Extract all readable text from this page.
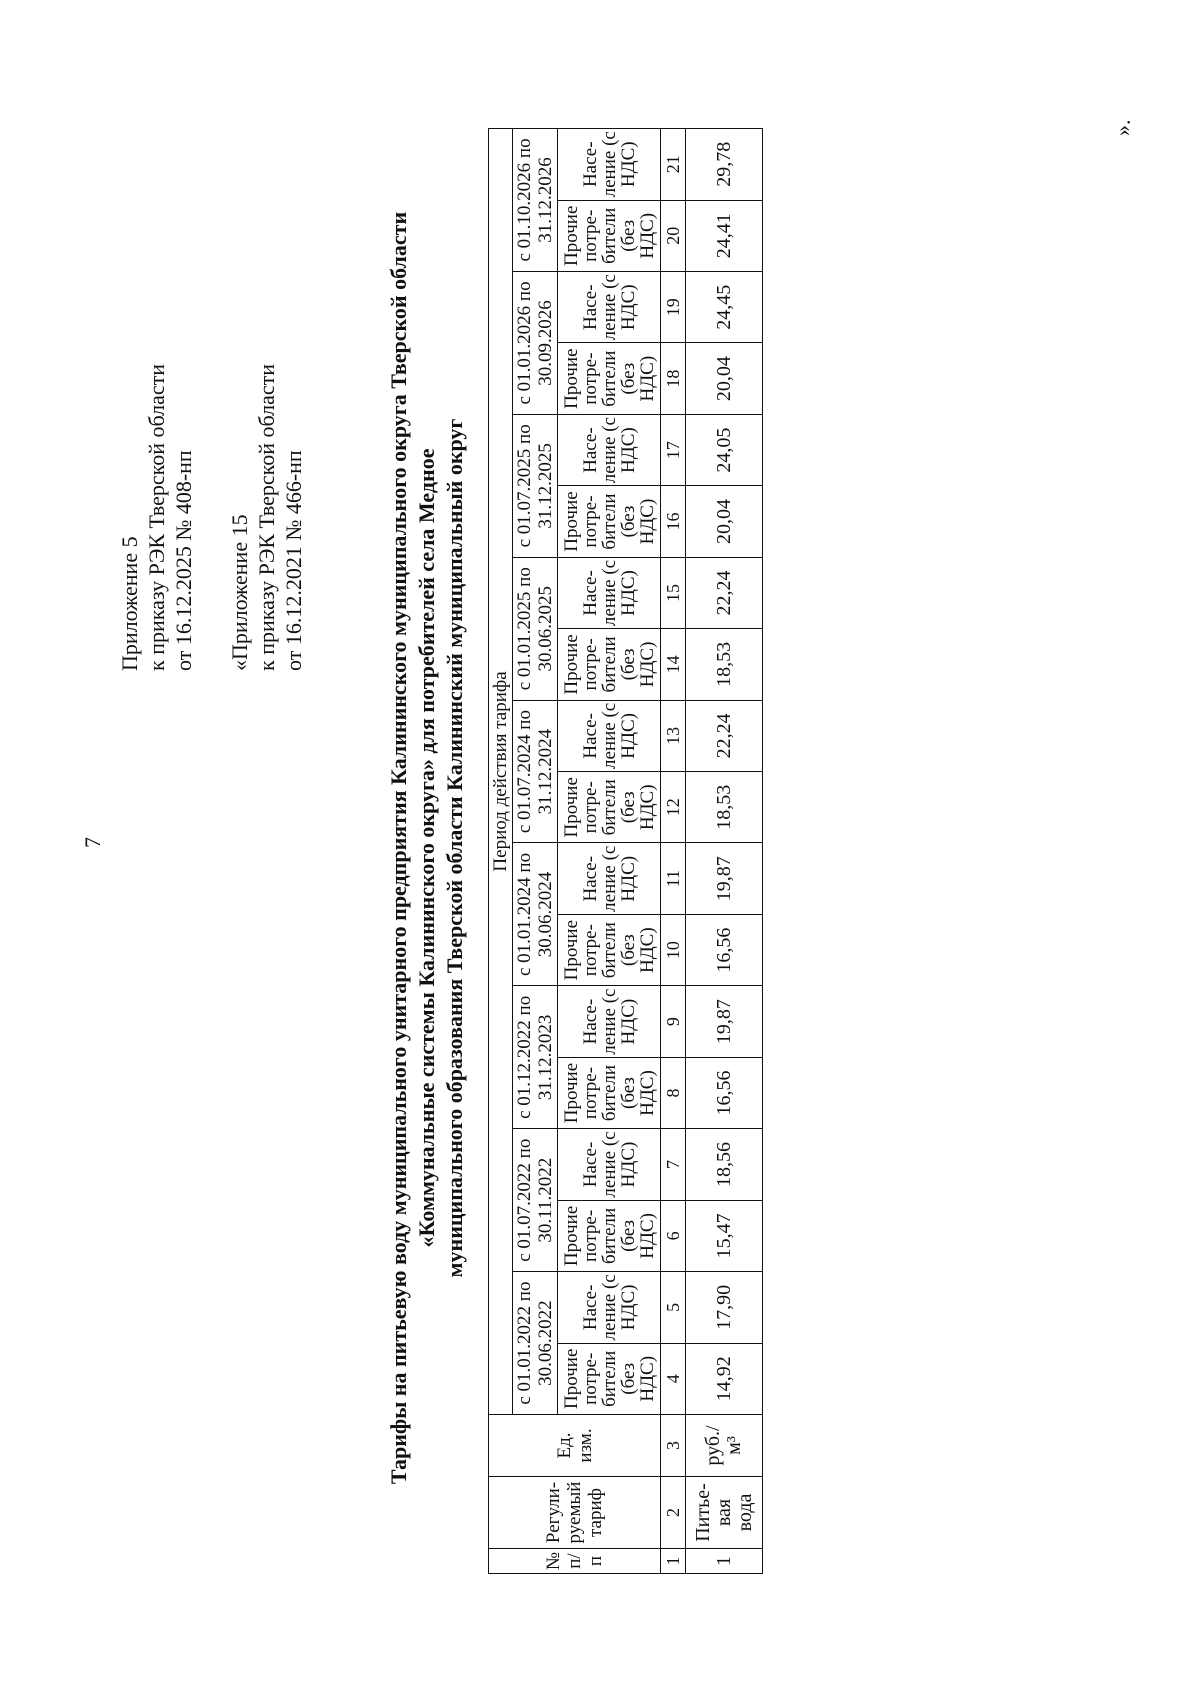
7
Приложение 5 к приказу РЭК Тверской области от 16.12.2025 № 408-нп «Приложение 15 к приказу РЭК Тверской области от 16.12.2021 № 466-нп	Тарифы на питьевую воду муниципального унитарного предприятия Калининского муниципального округа Тверской области «Коммунальные системы Калининского округа» для потребителей села Медное муниципального образования Тверской области Калининский муниципальный округ
№ п/п	Регули-руемый тариф	Ед. изм.	Период действия тарифа																	
			с 01.01.2022 по 30.06.2022		с 01.07.2022 по 30.11.2022		с 01.12.2022 по 31.12.2023		с 01.01.2024 по 30.06.2024		с 01.07.2024 по 31.12.2024		с 01.01.2025 по 30.06.2025		с 01.07.2025 по 31.12.2025		с 01.01.2026 по 30.09.2026		с 01.10.2026 по 31.12.2026	
			Прочие потре-бители (без НДС)	Насе-ление (с НДС)	Прочие потре-бители (без НДС)	Насе-ление (с НДС)	Прочие потре-бители (без НДС)	Насе-ление (с НДС)	Прочие потре-бители (без НДС)	Насе-ление (с НДС)	Прочие потре-бители (без НДС)	Насе-ление (с НДС)	Прочие потре-бители (без НДС)	Насе-ление (с НДС)	Прочие потре-бители (без НДС)	Насе-ление (с НДС)	Прочие потре-бители (без НДС)	Насе-ление (с НДС)	Прочие потре-бители (без НДС)	Насе-ление (с НДС)
1	2	3	4	5	6	7	8	9	10	11	12	13	14	15	16	17	18	19	20	21
1	Питье-вая вода	руб./м³	14,92	17,90	15,47	18,56	16,56	19,87	16,56	19,87	18,53	22,24	18,53	22,24	20,04	24,05	20,04	24,45	24,41	29,78
».
